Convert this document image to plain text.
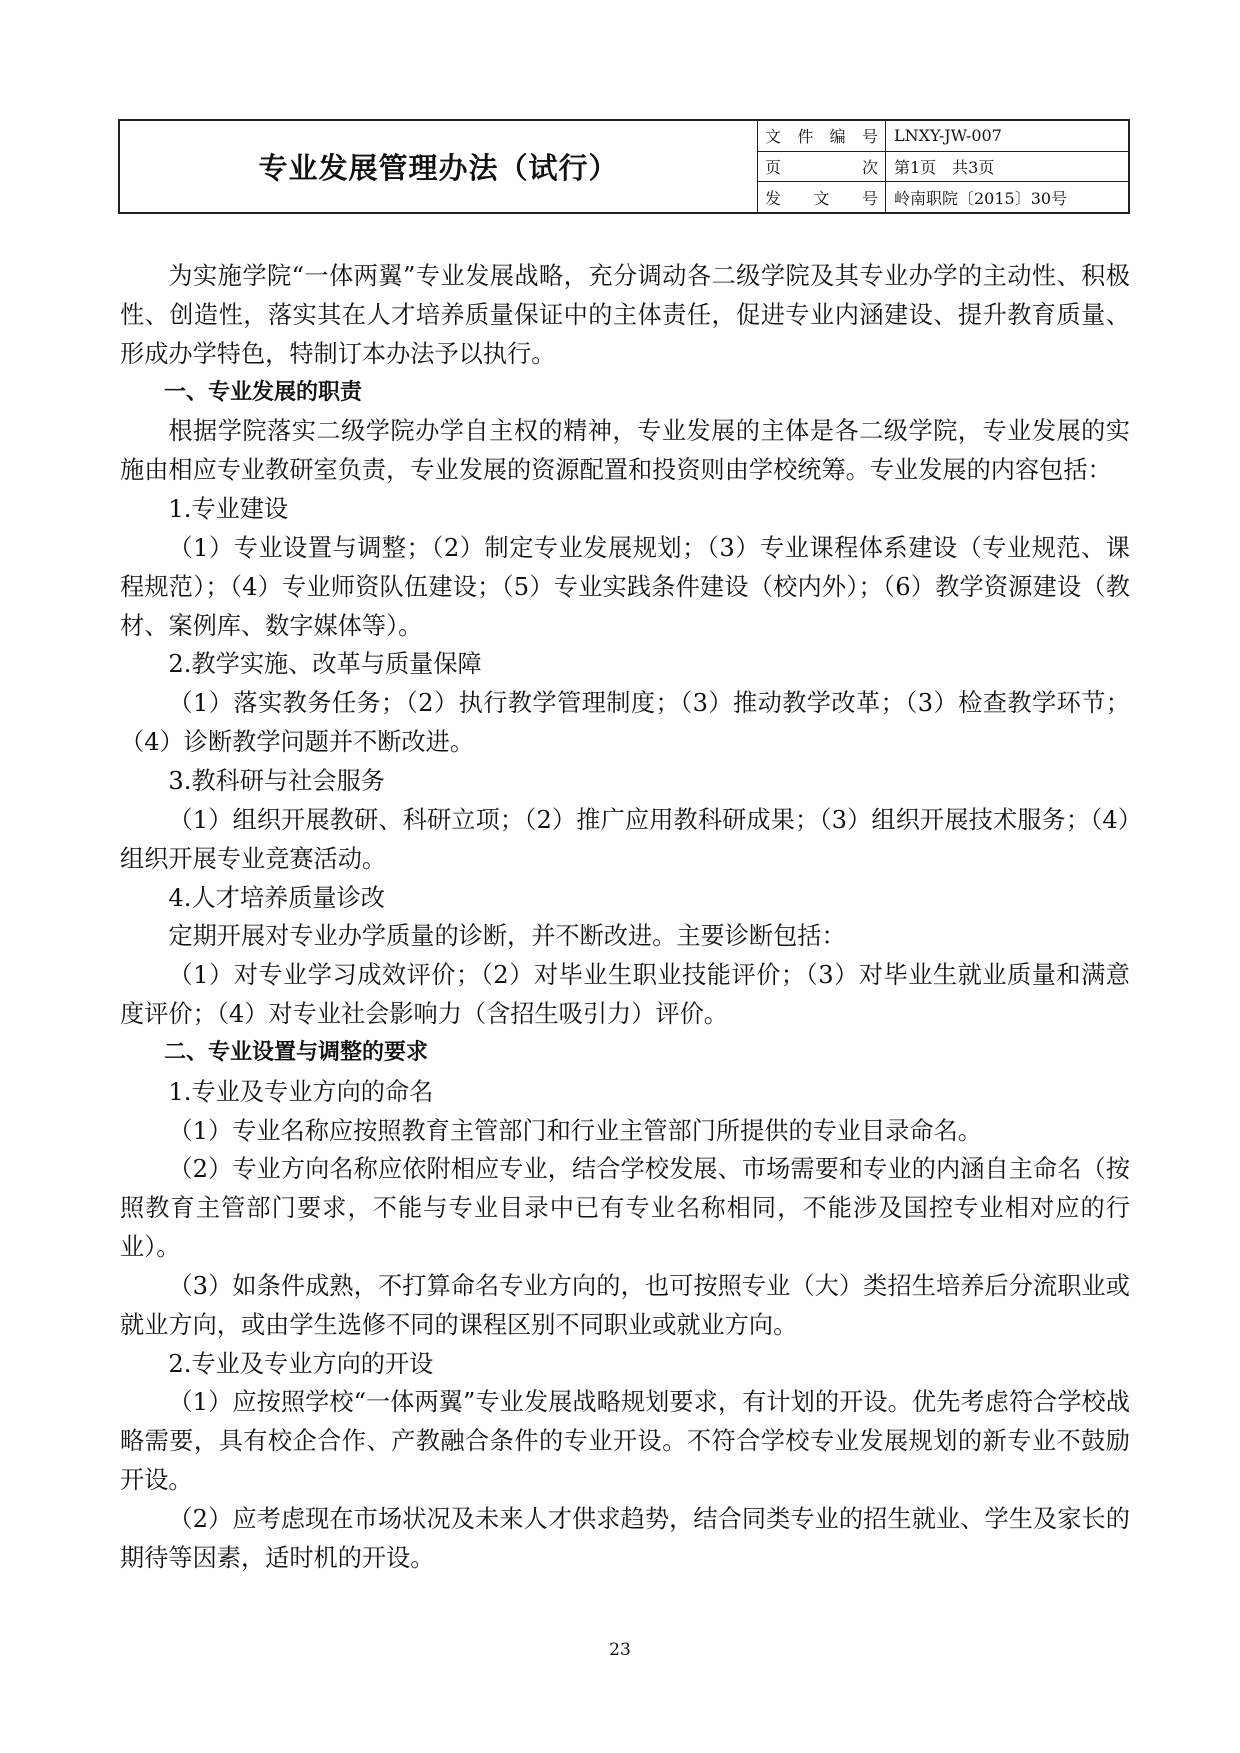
专业发展管理办法（试行）
文 件 编 号	LNXY-JW-007
页	次	第1页　共3页
发 文 号	岭南职院〔2015〕30号

为实施学院“一体两翼”专业发展战略，充分调动各二级学院及其专业办学的主动性、积极性、创造性，落实其在人才培养质量保证中的主体责任，促进专业内涵建设、提升教育质量、形成办学特色，特制订本办法予以执行。

一、专业发展的职责

根据学院落实二级学院办学自主权的精神，专业发展的主体是各二级学院，专业发展的实施由相应专业教研室负责，专业发展的资源配置和投资则由学校统筹。专业发展的内容包括：

1.专业建设

（1）专业设置与调整；（2）制定专业发展规划；（3）专业课程体系建设（专业规范、课程规范）；（4）专业师资队伍建设；（5）专业实践条件建设（校内外）；（6）教学资源建设（教材、案例库、数字媒体等）。

2.教学实施、改革与质量保障

（1）落实教务任务；（2）执行教学管理制度；（3）推动教学改革；（3）检查教学环节；（4）诊断教学问题并不断改进。

3.教科研与社会服务

（1）组织开展教研、科研立项；（2）推广应用教科研成果；（3）组织开展技术服务；（4）组织开展专业竞赛活动。

4.人才培养质量诊改

定期开展对专业办学质量的诊断，并不断改进。主要诊断包括：

（1）对专业学习成效评价；（2）对毕业生职业技能评价；（3）对毕业生就业质量和满意度评价；（4）对专业社会影响力（含招生吸引力）评价。

二、专业设置与调整的要求

1.专业及专业方向的命名

（1）专业名称应按照教育主管部门和行业主管部门所提供的专业目录命名。

（2）专业方向名称应依附相应专业，结合学校发展、市场需要和专业的内涵自主命名（按照教育主管部门要求，不能与专业目录中已有专业名称相同，不能涉及国控专业相对应的行业）。

（3）如条件成熟，不打算命名专业方向的，也可按照专业（大）类招生培养后分流职业或就业方向，或由学生选修不同的课程区别不同职业或就业方向。

2.专业及专业方向的开设

（1）应按照学校“一体两翼”专业发展战略规划要求，有计划的开设。优先考虑符合学校战略需要，具有校企合作、产教融合条件的专业开设。不符合学校专业发展规划的新专业不鼓励开设。

（2）应考虑现在市场状况及未来人才供求趋势，结合同类专业的招生就业、学生及家长的期待等因素，适时机的开设。

23
